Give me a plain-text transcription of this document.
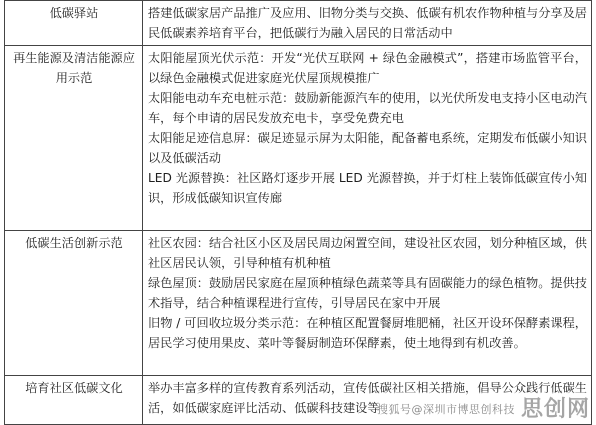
低碳驿站	搭建低碳家居产品推广及应用、旧物分类与交换、低碳有机农作物种植与分享及居民低碳素养培育平台，把低碳行为融入居民的日常活动中

再生能源及清洁能源应用示范	太阳能屋顶光伏示范：开发“光伏互联网 + 绿色金融模式”，搭建市场监管平台，以绿色金融模式促进家庭光伏屋顶规模推广
太阳能电动车充电桩示范：鼓励新能源汽车的使用，以光伏所发电支持小区电动汽车，每个申请的居民发放充电卡，享受免费充电
太阳能足迹信息屏：碳足迹显示屏为太阳能，配备蓄电系统，定期发布低碳小知识以及低碳活动
LED 光源替换：社区路灯逐步开展 LED 光源替换，并于灯柱上装饰低碳宣传小知识，形成低碳知识宣传廊

低碳生活创新示范	社区农园：结合社区小区及居民周边闲置空间，建设社区农园，划分种植区域，供社区居民认领，引导种植有机种植
绿色屋顶：鼓励居民家庭在屋顶种植绿色蔬菜等具有固碳能力的绿色植物。提供技术指导，结合种植课程进行宣传，引导居民在家中开展
旧物 / 可回收垃圾分类示范：在种植区配置餐厨堆肥桶，社区开设环保酵素课程，居民学习使用果皮、菜叶等餐厨制造环保酵素，使土地得到有机改善。

培育社区低碳文化	举办丰富多样的宣传教育系列活动，宣传低碳社区相关措施，倡导公众践行低碳生活，如低碳家庭评比活动、低碳科技建设等
搜狐号@深圳市博思创科技 思创网
